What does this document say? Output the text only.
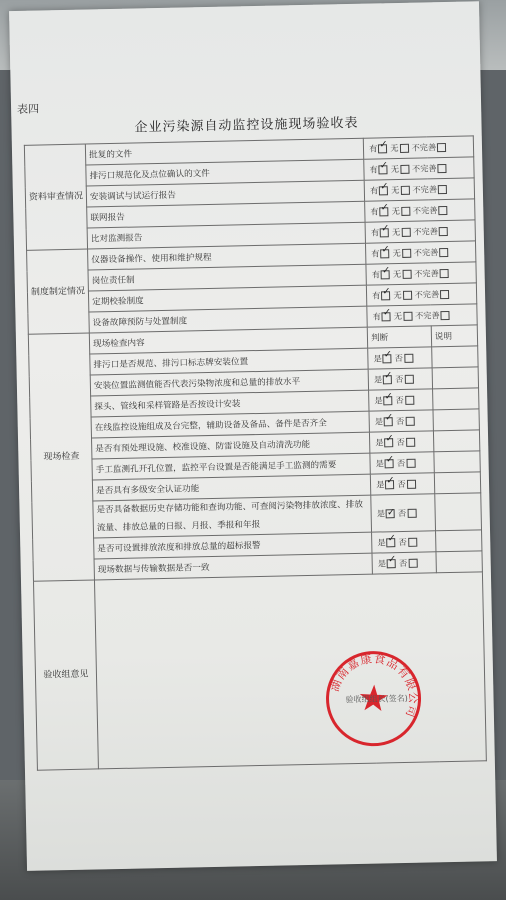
表四
企业污染源自动监控设施现场验收表
资料审查情况	批复的文件	有 ✓ 无 不完善
	排污口规范化及点位确认的文件	有 ✓ 无 不完善
	安装调试与试运行报告	有 ✓ 无 不完善
	联网报告	有 ✓ 无 不完善
	比对监测报告	有 ✓ 无 不完善
制度制定情况	仪器设备操作、使用和维护规程	有 ✓ 无 不完善
	岗位责任制	有 ✓ 无 不完善
	定期校验制度	有 ✓ 无 不完善
	设备故障预防与处置制度	有 ✓ 无 不完善
现场检查	现场检查内容	判断	说明
	排污口是否规范、排污口标志牌安装位置	是 ✓ 否	
	安装位置监测值能否代表污染物浓度和总量的排放水平	是 ✓ 否	
	探头、管线和采样管路是否按设计安装	是 ✓ 否	
	在线监控设施组成及台完整，辅助设备及备品、备件是否齐全	是 ✓ 否	
	是否有预处理设施、校准设施、防雷设施及自动清洗功能	是 ✓ 否	
	手工监测孔开孔位置，监控平台设置是否能满足手工监测的需要	是 ✓ 否	
	是否具有多级安全认证功能	是 ✓ 否	
	是否具备数据历史存储功能和查询功能、可查阅污染物排放浓度、排放流量、排放总量的日报、月报、季报和年报	是 ✓ 否	
	是否可设置排放浓度和排放总量的超标报警	是 ✓ 否	
	现场数据与传输数据是否一致	是 ✓ 否	
验收组意见			
湖南嘉康食品有限公司
验收组组长(签名)
